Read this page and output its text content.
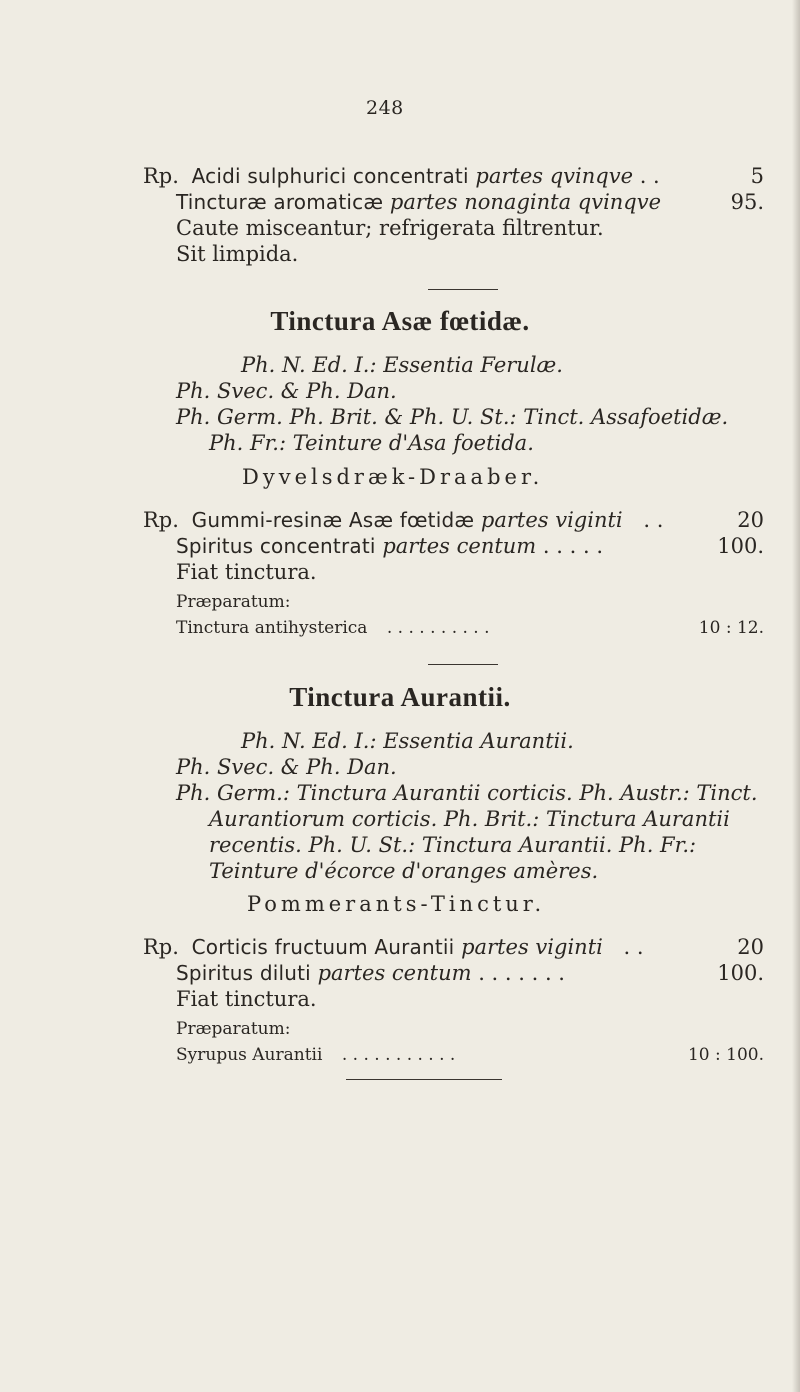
248
Rp. Acidi sulphurici concentrati partes qvinqve . .	5
Tincturæ aromaticæ partes nonaginta qvinqve	95.
Caute misceantur; refrigerata filtrentur.
Sit limpida.
Tinctura Asæ fœtidæ.
Ph. N. Ed. I.: Essentia Ferulæ.
Ph. Svec. & Ph. Dan.
Ph. Germ. Ph. Brit. & Ph. U. St.: Tinct. Assafoetidæ.
Ph. Fr.: Teinture d'Asa foetida.
Dyvelsdræk-Draaber.
Rp. Gummi-resinæ Asæ fœtidæ partes viginti . .	20
Spiritus concentrati partes centum . . . . .	100.
Fiat tinctura.
Præparatum:
Tinctura antihysterica . . . . . . . . . .	10 : 12.
Tinctura Aurantii.
Ph. N. Ed. I.: Essentia Aurantii.
Ph. Svec. & Ph. Dan.
Ph. Germ.: Tinctura Aurantii corticis. Ph. Austr.: Tinct.
Aurantiorum corticis. Ph. Brit.: Tinctura Aurantii
recentis. Ph. U. St.: Tinctura Aurantii. Ph. Fr.:
Teinture d'écorce d'oranges amères.
Pommerants-Tinctur.
Rp. Corticis fructuum Aurantii partes viginti . .	20
Spiritus diluti partes centum . . . . . . .	100.
Fiat tinctura.
Præparatum:
Syrupus Aurantii . . . . . . . . . . .	10 : 100.
